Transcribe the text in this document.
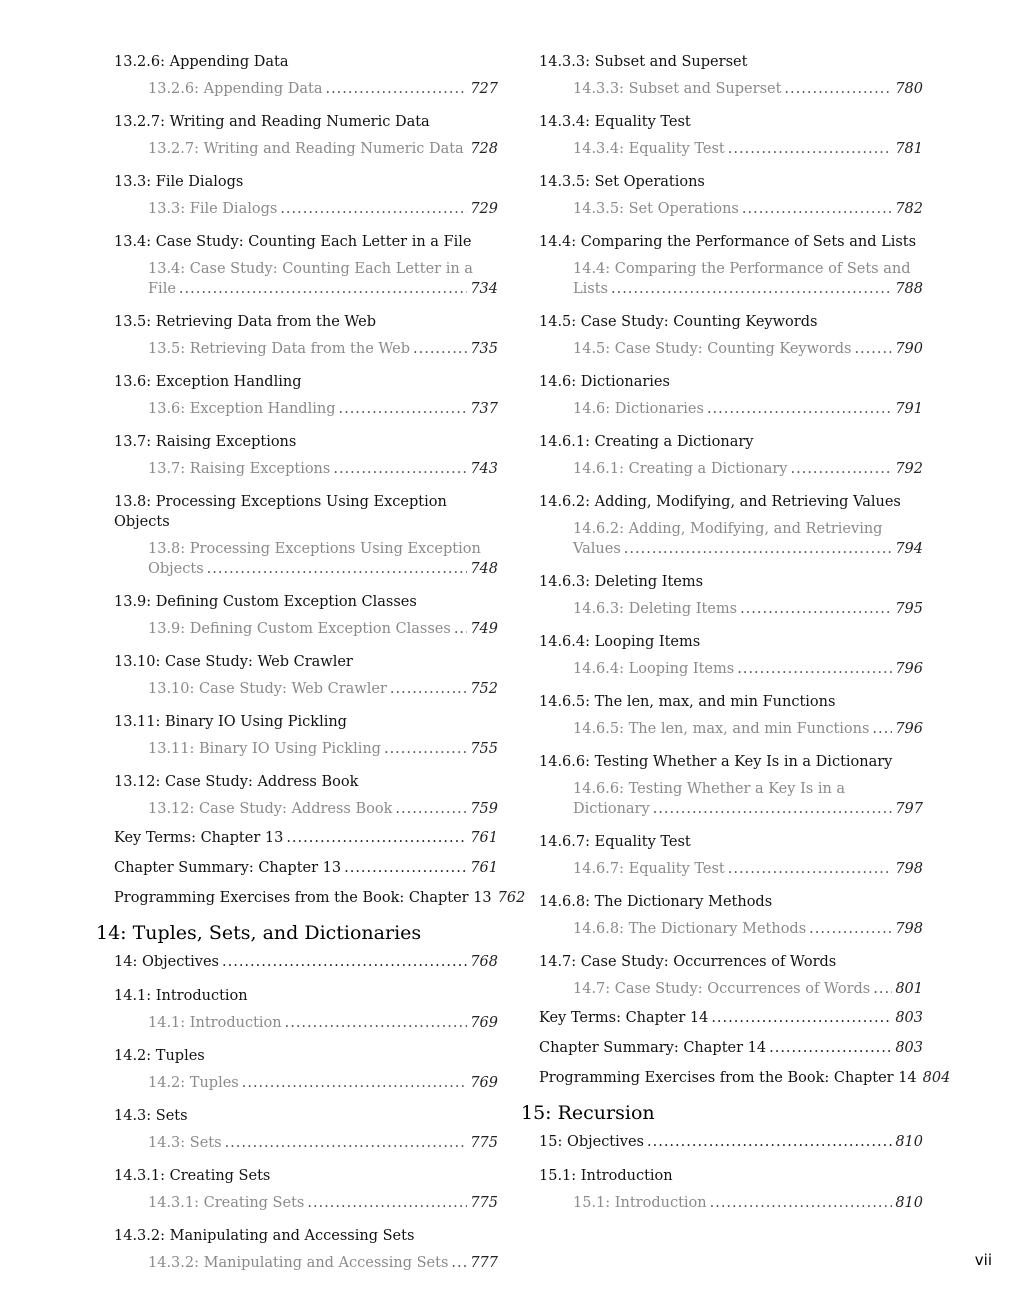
13.2.6: Appending Data
13.2.6: Appending Data .....	727
13.2.7: Writing and Reading Numeric Data
13.2.7: Writing and Reading Numeric Data ..... 728
13.3: File Dialogs
13.3: File Dialogs .....	729
13.4: Case Study: Counting Each Letter in a File
13.4: Case Study: Counting Each Letter in a
File .....	734
13.5: Retrieving Data from the Web
13.5: Retrieving Data from the Web .....	735
13.6: Exception Handling
13.6: Exception Handling .....	737
13.7: Raising Exceptions
13.7: Raising Exceptions .....	743
13.8: Processing Exceptions Using Exception Objects
13.8: Processing Exceptions Using Exception
Objects .....	748
13.9: Defining Custom Exception Classes
13.9: Defining Custom Exception Classes ..... 749
13.10: Case Study: Web Crawler
13.10: Case Study: Web Crawler .....	752
13.11: Binary IO Using Pickling
13.11: Binary IO Using Pickling .....	755
13.12: Case Study: Address Book
13.12: Case Study: Address Book .....	759
Key Terms: Chapter 13 .....	761
Chapter Summary: Chapter 13 .....	761
Programming Exercises from the Book: Chapter 13 762
14: Tuples, Sets, and Dictionaries
14: Objectives .....	768
14.1: Introduction
14.1: Introduction .....	769
14.2: Tuples
14.2: Tuples .....	769
14.3: Sets
14.3: Sets .....	775
14.3.1: Creating Sets
14.3.1: Creating Sets .....	775
14.3.2: Manipulating and Accessing Sets
14.3.2: Manipulating and Accessing Sets ..... 777
14.3.3: Subset and Superset
14.3.3: Subset and Superset .....	780
14.3.4: Equality Test
14.3.4: Equality Test .....	781
14.3.5: Set Operations
14.3.5: Set Operations .....	782
14.4: Comparing the Performance of Sets and Lists
14.4: Comparing the Performance of Sets and
Lists .....	788
14.5: Case Study: Counting Keywords
14.5: Case Study: Counting Keywords .....	790
14.6: Dictionaries
14.6: Dictionaries .....	791
14.6.1: Creating a Dictionary
14.6.1: Creating a Dictionary .....	792
14.6.2: Adding, Modifying, and Retrieving Values
14.6.2: Adding, Modifying, and Retrieving
Values .....	794
14.6.3: Deleting Items
14.6.3: Deleting Items .....	795
14.6.4: Looping Items
14.6.4: Looping Items .....	796
14.6.5: The len, max, and min Functions
14.6.5: The len, max, and min Functions ..... 796
14.6.6: Testing Whether a Key Is in a Dictionary
14.6.6: Testing Whether a Key Is in a
Dictionary .....	797
14.6.7: Equality Test
14.6.7: Equality Test .....	798
14.6.8: The Dictionary Methods
14.6.8: The Dictionary Methods .....	798
14.7: Case Study: Occurrences of Words
14.7: Case Study: Occurrences of Words ..... 801
Key Terms: Chapter 14 .....	803
Chapter Summary: Chapter 14 .....	803
Programming Exercises from the Book: Chapter 14 804
15: Recursion
15: Objectives .....	810
15.1: Introduction
15.1: Introduction .....	810
vii
